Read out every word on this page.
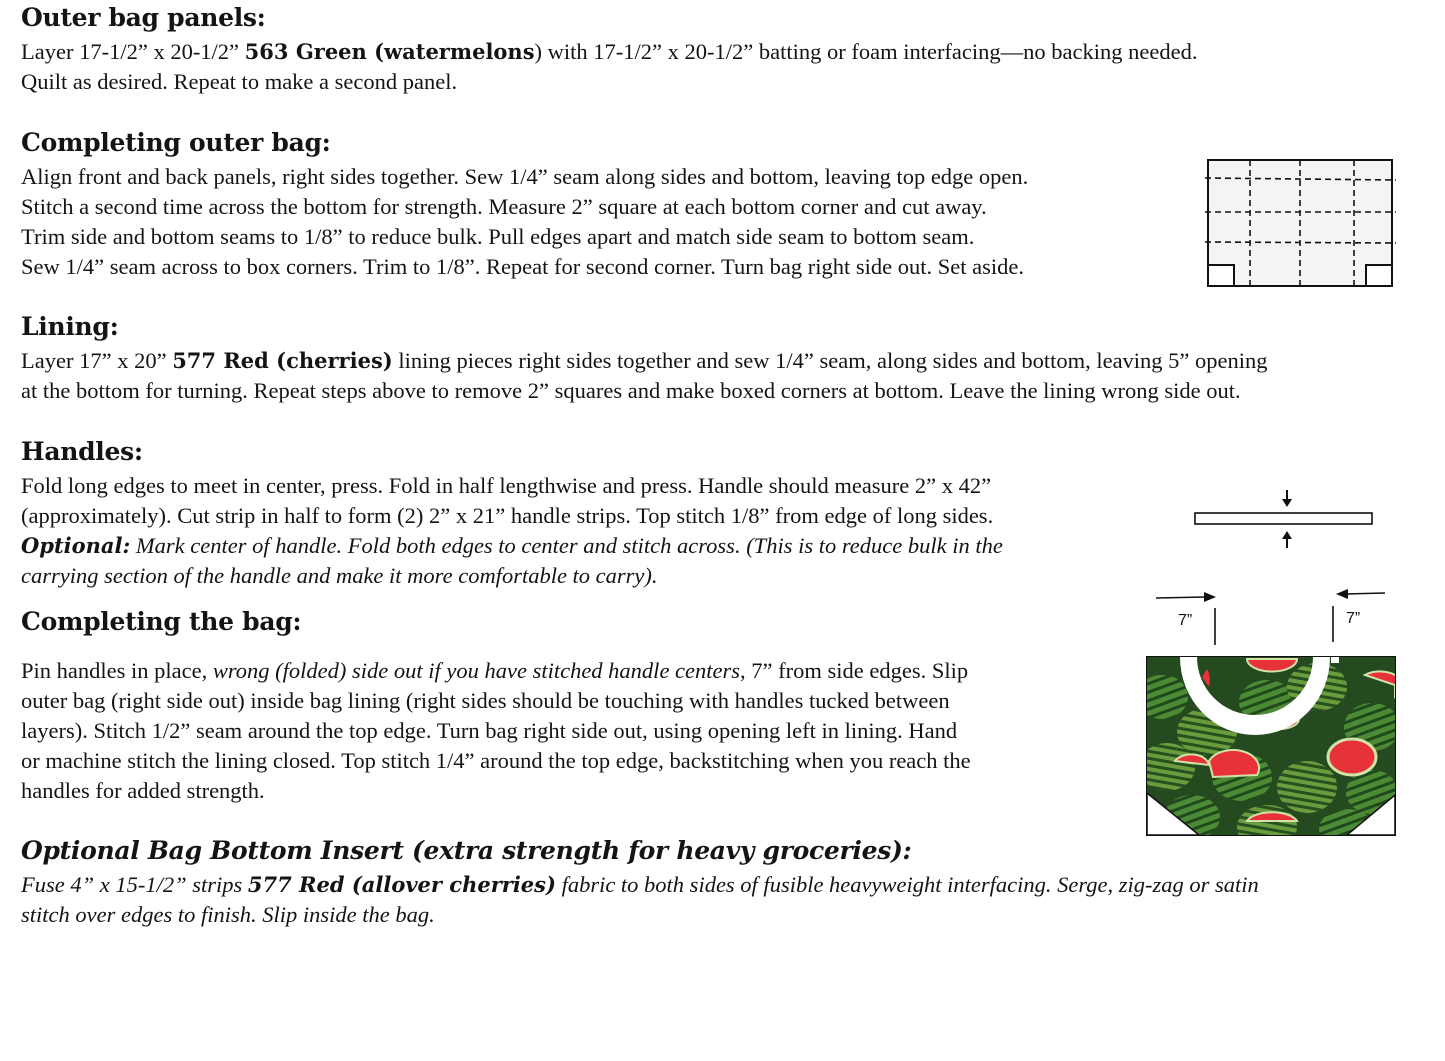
Outer bag panels:
Layer 17-1/2” x 20-1/2” 563 Green (watermelons) with 17-1/2” x 20-1/2” batting or foam interfacing—no backing needed.
Quilt as desired. Repeat to make a second panel.
Completing outer bag:
Align front and back panels, right sides together. Sew 1/4” seam along sides and bottom, leaving top edge open.
Stitch a second time across the bottom for strength. Measure 2” square at each bottom corner and cut away.
Trim side and bottom seams to 1/8” to reduce bulk. Pull edges apart and match side seam to bottom seam.
Sew 1/4” seam across to box corners. Trim to 1/8”. Repeat for second corner. Turn bag right side out. Set aside.
Lining:
Layer 17” x 20” 577 Red (cherries) lining pieces right sides together and sew 1/4” seam, along sides and bottom, leaving 5” opening
at the bottom for turning. Repeat steps above to remove 2” squares and make boxed corners at bottom. Leave the lining wrong side out.
Handles:
Fold long edges to meet in center, press. Fold in half lengthwise and press. Handle should measure 2” x 42”
(approximately). Cut strip in half to form (2) 2” x 21” handle strips. Top stitch 1/8” from edge of long sides.
Optional: Mark center of handle. Fold both edges to center and stitch across. (This is to reduce bulk in the
carrying section of the handle and make it more comfortable to carry).
7”	7”
Completing the bag:
Pin handles in place, wrong (folded) side out if you have stitched handle centers, 7” from side edges. Slip
outer bag (right side out) inside bag lining (right sides should be touching with handles tucked between
layers). Stitch 1/2” seam around the top edge. Turn bag right side out, using opening left in lining. Hand
or machine stitch the lining closed. Top stitch 1/4” around the top edge, backstitching when you reach the
handles for added strength.
Optional Bag Bottom Insert (extra strength for heavy groceries):
Fuse 4” x 15-1/2” strips 577 Red (allover cherries) fabric to both sides of fusible heavyweight interfacing. Serge, zig-zag or satin
stitch over edges to finish. Slip inside the bag.
